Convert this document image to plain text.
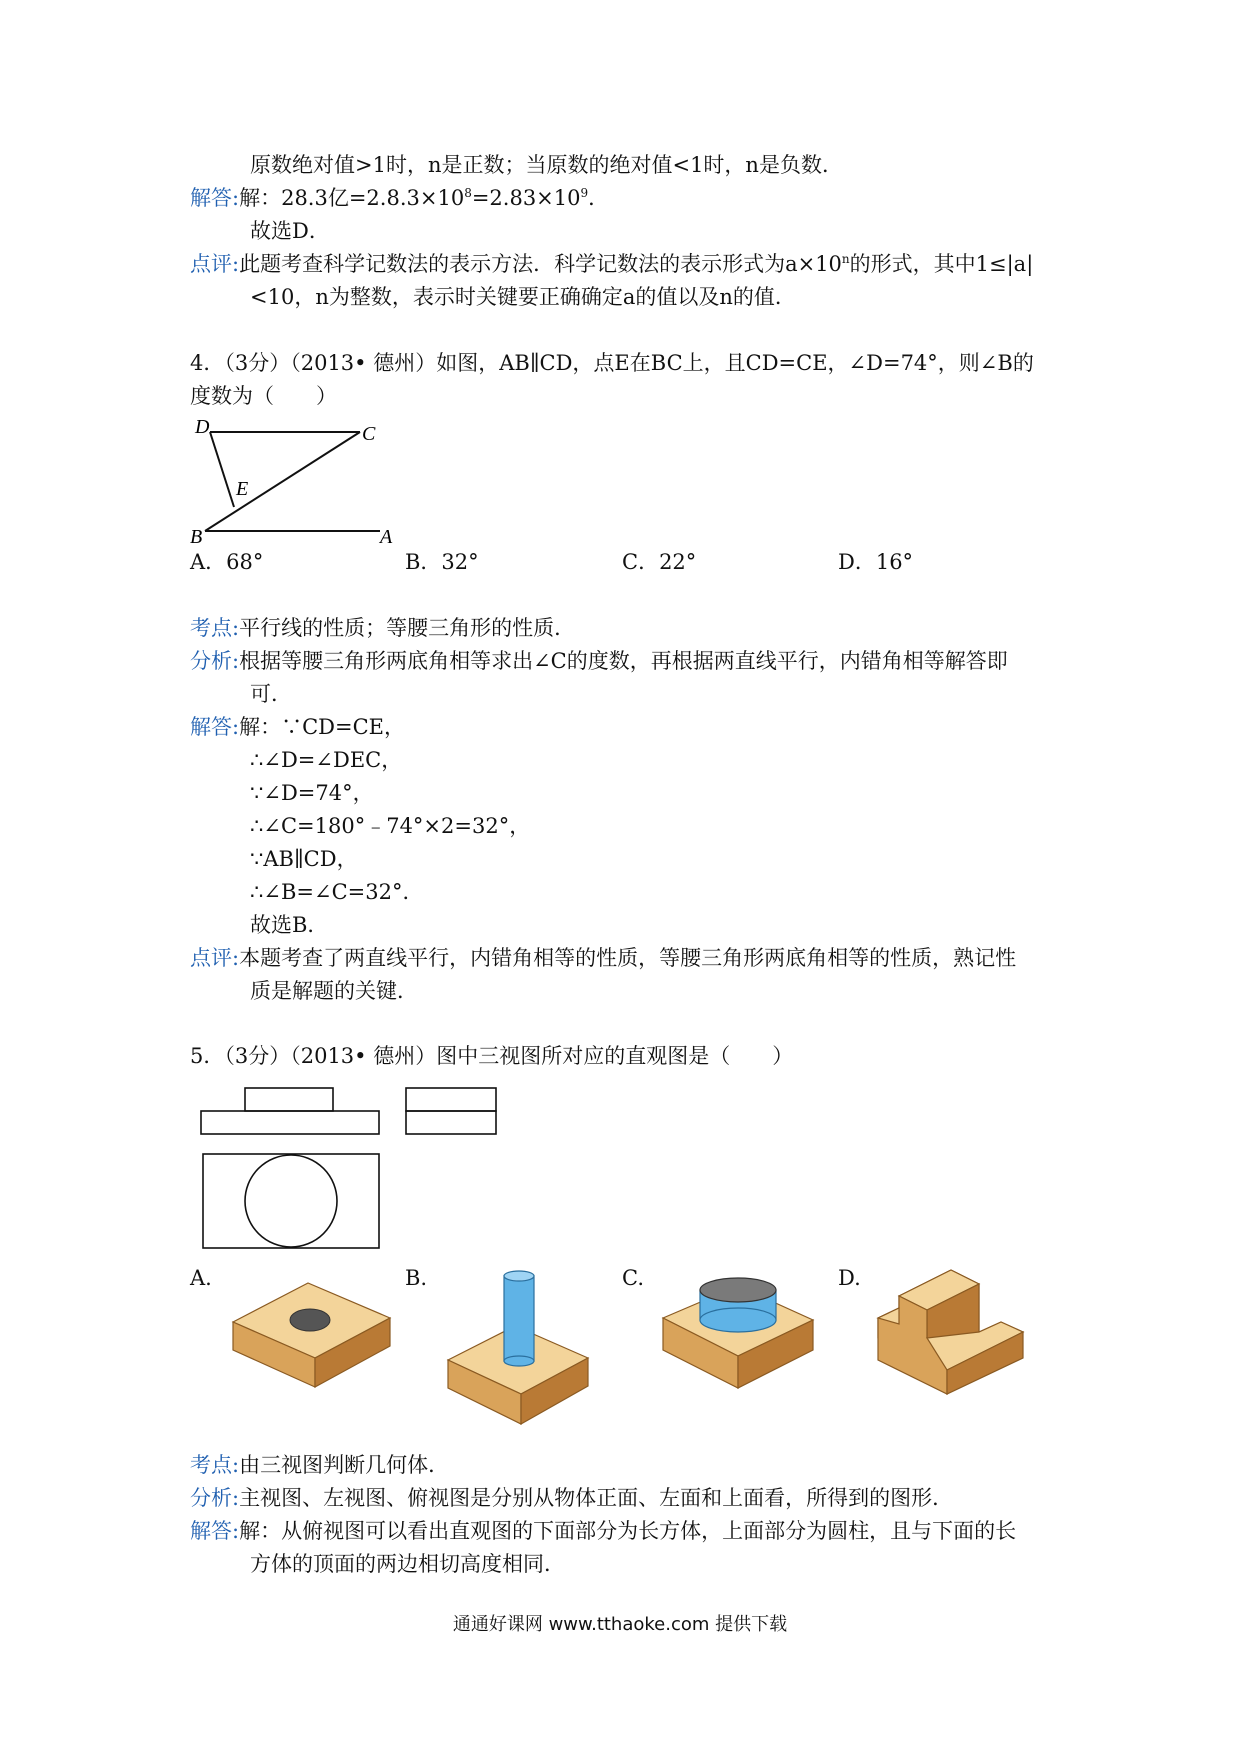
原数绝对值>1时，n是正数；当原数的绝对值<1时，n是负数．
解答:解：28.3亿$=2.8.3\times 10^8=2.83\times 10^9$．
故选D．
点评:此题考查科学记数法的表示方法．科学记数法的表示形式为$a\times 10^n$的形式，其中1≤|a|
<10，n为整数，表示时关键要正确确定a的值以及n的值．
4．（3分）（2013• 德州）如图，AB∥CD，点E在BC上，且CD=CE，∠D=74°，则∠B的
度数为（　　）
D	C
E
B	A
A．68°	B．32°	C．22°	D．16°
考点:平行线的性质；等腰三角形的性质．
分析:根据等腰三角形两底角相等求出∠C的度数，再根据两直线平行，内错角相等解答即
可．
解答:解：∵CD=CE，
∴∠D=∠DEC，
∵∠D=74°，
∴∠C=180°﹣74°×2=32°，
∵AB∥CD，
∴∠B=∠C=32°．
故选B．
点评:本题考查了两直线平行，内错角相等的性质，等腰三角形两底角相等的性质，熟记性
质是解题的关键．
5．（3分）（2013• 德州）图中三视图所对应的直观图是（　　）
A.	B.	C.	D.
考点:由三视图判断几何体．
分析:主视图、左视图、俯视图是分别从物体正面、左面和上面看，所得到的图形．
解答:解：从俯视图可以看出直观图的下面部分为长方体，上面部分为圆柱，且与下面的长
方体的顶面的两边相切高度相同．
通通好课网 www.tthaoke.com 提供下载
